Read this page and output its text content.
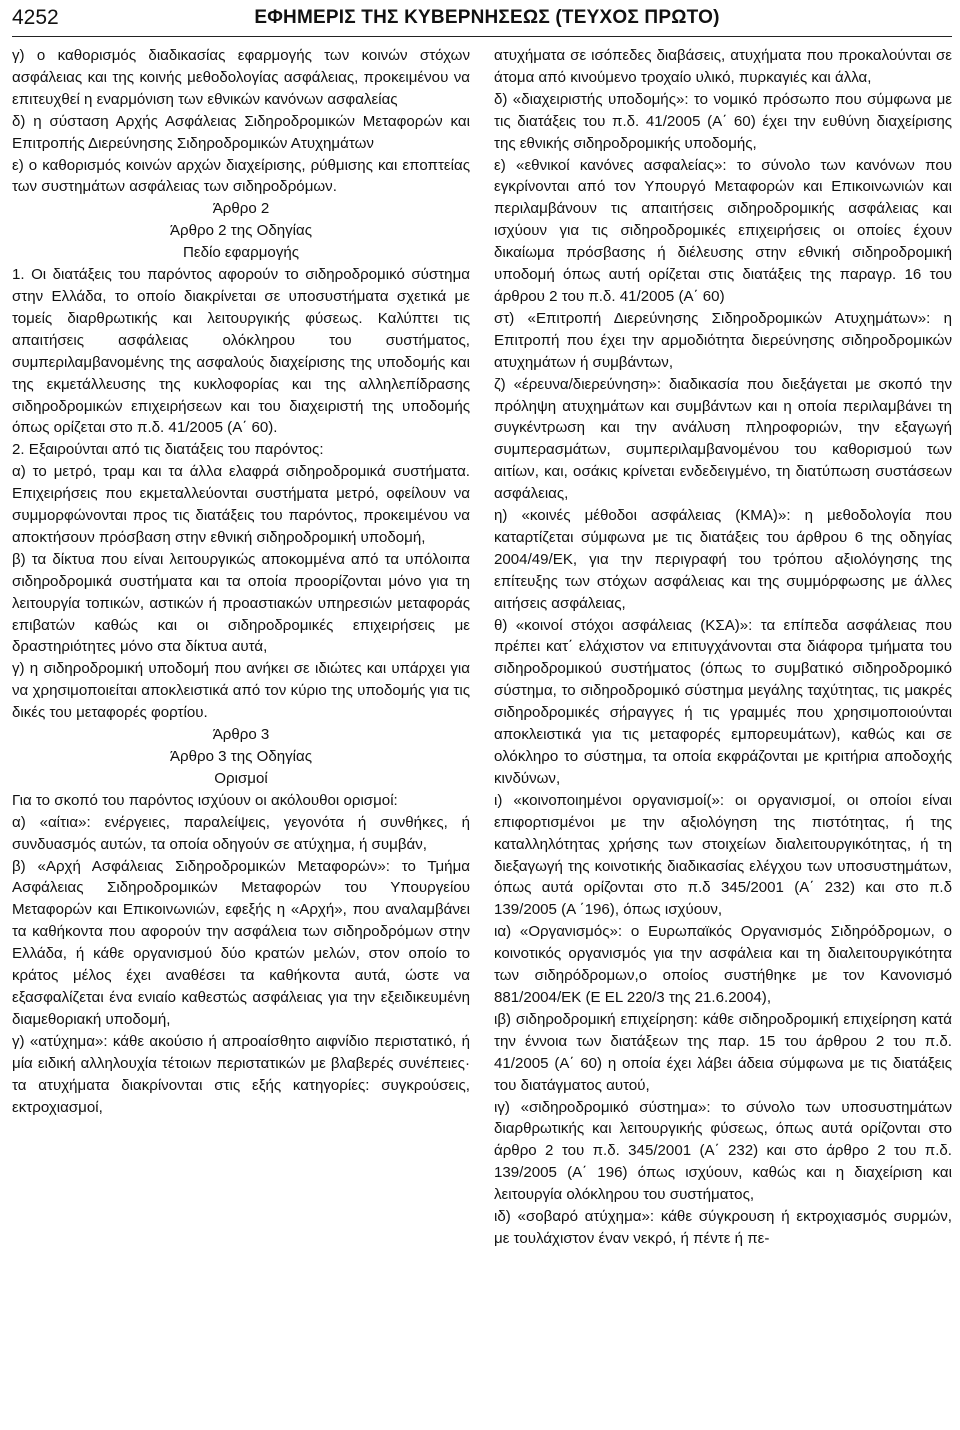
4252	ΕΦΗΜΕΡΙΣ ΤΗΣ ΚΥΒΕΡΝΗΣΕΩΣ (ΤΕΥΧΟΣ ΠΡΩΤΟ)

γ) ο καθορισμός διαδικασίας εφαρμογής των κοινών στόχων ασφάλειας και της κοινής μεθοδολογίας ασφάλειας, προκειμένου να επιτευχθεί η εναρμόνιση των εθνικών κανόνων ασφαλείας

δ) η σύσταση Αρχής Ασφάλειας Σιδηροδρομικών Μεταφορών και Επιτροπής Διερεύνησης Σιδηροδρομικών Ατυχημάτων

ε) ο καθορισμός κοινών αρχών διαχείρισης, ρύθμισης και εποπτείας των συστημάτων ασφάλειας των σιδηροδρόμων.

Άρθρο 2

Άρθρο 2 της Οδηγίας

Πεδίο εφαρμογής

1. Οι διατάξεις του παρόντος αφορούν το σιδηροδρομικό σύστημα στην Ελλάδα, το οποίο διακρίνεται σε υποσυστήματα σχετικά με τομείς διαρθρωτικής και λειτουργικής φύσεως. Καλύπτει τις απαιτήσεις ασφάλειας ολόκληρου του συστήματος, συμπεριλαμβανομένης της ασφαλούς διαχείρισης της υποδομής και της εκμετάλλευσης της κυκλοφορίας και της αλληλεπίδρασης σιδηροδρομικών επιχειρήσεων και του διαχειριστή της υποδομής όπως ορίζεται στο π.δ. 41/2005 (Α΄ 60).

2. Εξαιρούνται από τις διατάξεις του παρόντος:

α) το μετρό, τραμ και τα άλλα ελαφρά σιδηροδρομικά συστήματα. Επιχειρήσεις που εκμεταλλεύονται συστήματα μετρό, οφείλουν να συμμορφώνονται προς τις διατάξεις του παρόντος, προκειμένου να αποκτήσουν πρόσβαση στην εθνική σιδηροδρομική υποδομή,

β) τα δίκτυα που είναι λειτουργικώς αποκομμένα από τα υπόλοιπα σιδηροδρομικά συστήματα και τα οποία προορίζονται μόνο για τη λειτουργία τοπικών, αστικών ή προαστιακών υπηρεσιών μεταφοράς επιβατών καθώς και οι σιδηροδρομικές επιχειρήσεις με δραστηριότητες μόνο στα δίκτυα αυτά,

γ) η σιδηροδρομική υποδομή που ανήκει σε ιδιώτες και υπάρχει για να χρησιμοποιείται αποκλειστικά από τον κύριο της υποδομής για τις δικές του μεταφορές φορτίου.

Άρθρο 3

Άρθρο 3 της Οδηγίας

Ορισμοί

Για το σκοπό του παρόντος ισχύουν οι ακόλουθοι ορισμοί:

α) «αίτια»: ενέργειες, παραλείψεις, γεγονότα ή συνθήκες, ή συνδυασμός αυτών, τα οποία οδηγούν σε ατύχημα, ή συμβάν,

β) «Αρχή Ασφάλειας Σιδηροδρομικών Μεταφορών»: το Τμήμα Ασφάλειας Σιδηροδρομικών Μεταφορών του Υπουργείου Μεταφορών και Επικοινωνιών, εφεξής η «Αρχή», που αναλαμβάνει τα καθήκοντα που αφορούν την ασφάλεια των σιδηροδρόμων στην Ελλάδα, ή κάθε οργανισμού δύο κρατών μελών, στον οποίο το κράτος μέλος έχει αναθέσει τα καθήκοντα αυτά, ώστε να εξασφαλίζεται ένα ενιαίο καθεστώς ασφάλειας για την εξειδικευμένη διαμεθοριακή υποδομή,

γ) «ατύχημα»: κάθε ακούσιο ή απροαίσθητο αιφνίδιο περιστατικό, ή μία ειδική αλληλουχία τέτοιων περιστατικών με βλαβερές συνέπειες· τα ατυχήματα διακρίνονται στις εξής κατηγορίες: συγκρούσεις, εκτροχιασμοί,

ατυχήματα σε ισόπεδες διαβάσεις, ατυχήματα που προκαλούνται σε άτομα από κινούμενο τροχαίο υλικό, πυρκαγιές και άλλα,

δ) «διαχειριστής υποδομής»: το νομικό πρόσωπο που σύμφωνα με τις διατάξεις του π.δ. 41/2005 (Α΄ 60) έχει την ευθύνη διαχείρισης της εθνικής σιδηροδρομικής υποδομής,

ε) «εθνικοί κανόνες ασφαλείας»: το σύνολο των κανόνων που εγκρίνονται από τον Υπουργό Μεταφορών και Επικοινωνιών και περιλαμβάνουν τις απαιτήσεις σιδηροδρομικής ασφάλειας και ισχύουν για τις σιδηροδρομικές επιχειρήσεις οι οποίες έχουν δικαίωμα πρόσβασης ή διέλευσης στην εθνική σιδηροδρομική υποδομή όπως αυτή ορίζεται στις διατάξεις της παραγρ. 16 του άρθρου 2 του π.δ. 41/2005 (Α΄ 60)

στ) «Επιτροπή Διερεύνησης Σιδηροδρομικών Ατυχημάτων»: η Επιτροπή που έχει την αρμοδιότητα διερεύνησης σιδηροδρομικών ατυχημάτων ή συμβάντων,

ζ) «έρευνα/διερεύνηση»: διαδικασία που διεξάγεται με σκοπό την πρόληψη ατυχημάτων και συμβάντων και η οποία περιλαμβάνει τη συγκέντρωση και την ανάλυση πληροφοριών, την εξαγωγή συμπερασμάτων, συμπεριλαμβανομένου του καθορισμού των αιτίων, και, οσάκις κρίνεται ενδεδειγμένο, τη διατύπωση συστάσεων ασφάλειας,

η) «κοινές μέθοδοι ασφάλειας (ΚΜΑ)»: η μεθοδολογία που καταρτίζεται σύμφωνα με τις διατάξεις του άρθρου 6 της οδηγίας 2004/49/ΕΚ, για την περιγραφή του τρόπου αξιολόγησης της επίτευξης των στόχων ασφάλειας και της συμμόρφωσης με άλλες αιτήσεις ασφάλειας,

θ) «κοινοί στόχοι ασφάλειας (ΚΣΑ)»: τα επίπεδα ασφάλειας που πρέπει κατ΄ ελάχιστον να επιτυγχάνονται στα διάφορα τμήματα του σιδηροδρομικού συστήματος (όπως το συμβατικό σιδηροδρομικό σύστημα, το σιδηροδρομικό σύστημα μεγάλης ταχύτητας, τις μακρές σιδηροδρομικές σήραγγες ή τις γραμμές που χρησιμοποιούνται αποκλειστικά για τις μεταφορές εμπορευμάτων), καθώς και σε ολόκληρο το σύστημα, τα οποία εκφράζονται με κριτήρια αποδοχής κινδύνων,

ι) «κοινοποιημένοι οργανισμοί(»: οι οργανισμοί, οι οποίοι είναι επιφορτισμένοι με την αξιολόγηση της πιστότητας, ή της καταλληλότητας χρήσης των στοιχείων διαλειτουργικότητας, ή τη διεξαγωγή της κοινοτικής διαδικασίας ελέγχου των υποσυστημάτων, όπως αυτά ορίζονται στο π.δ 345/2001 (Α΄ 232) και στο π.δ 139/2005 (Α ΄196), όπως ισχύουν,

ια) «Οργανισμός»: ο Ευρωπαϊκός Οργανισμός Σιδηρόδρομων, ο κοινοτικός οργανισμός για την ασφάλεια και τη διαλειτουργικότητα των σιδηρόδρομων,ο οποίος συστήθηκε με τον Κανονισμό 881/2004/ΕΚ (Ε EL 220/3 της 21.6.2004),

ιβ) σιδηροδρομική επιχείρηση: κάθε σιδηροδρομική επιχείρηση κατά την έννοια των διατάξεων της παρ. 15 του άρθρου 2 του π.δ. 41/2005 (Α΄ 60) η οποία έχει λάβει άδεια σύμφωνα με τις διατάξεις του διατάγματος αυτού,

ιγ) «σιδηροδρομικό σύστημα»: το σύνολο των υποσυστημάτων διαρθρωτικής και λειτουργικής φύσεως, όπως αυτά ορίζονται στο άρθρο 2 του π.δ. 345/2001 (Α΄ 232) και στο άρθρο 2 του π.δ. 139/2005 (Α΄ 196) όπως ισχύουν, καθώς και η διαχείριση και λειτουργία ολόκληρου του συστήματος,

ιδ) «σοβαρό ατύχημα»: κάθε σύγκρουση ή εκτροχιασμός συρμών, με τουλάχιστον έναν νεκρό, ή πέντε ή πε-
